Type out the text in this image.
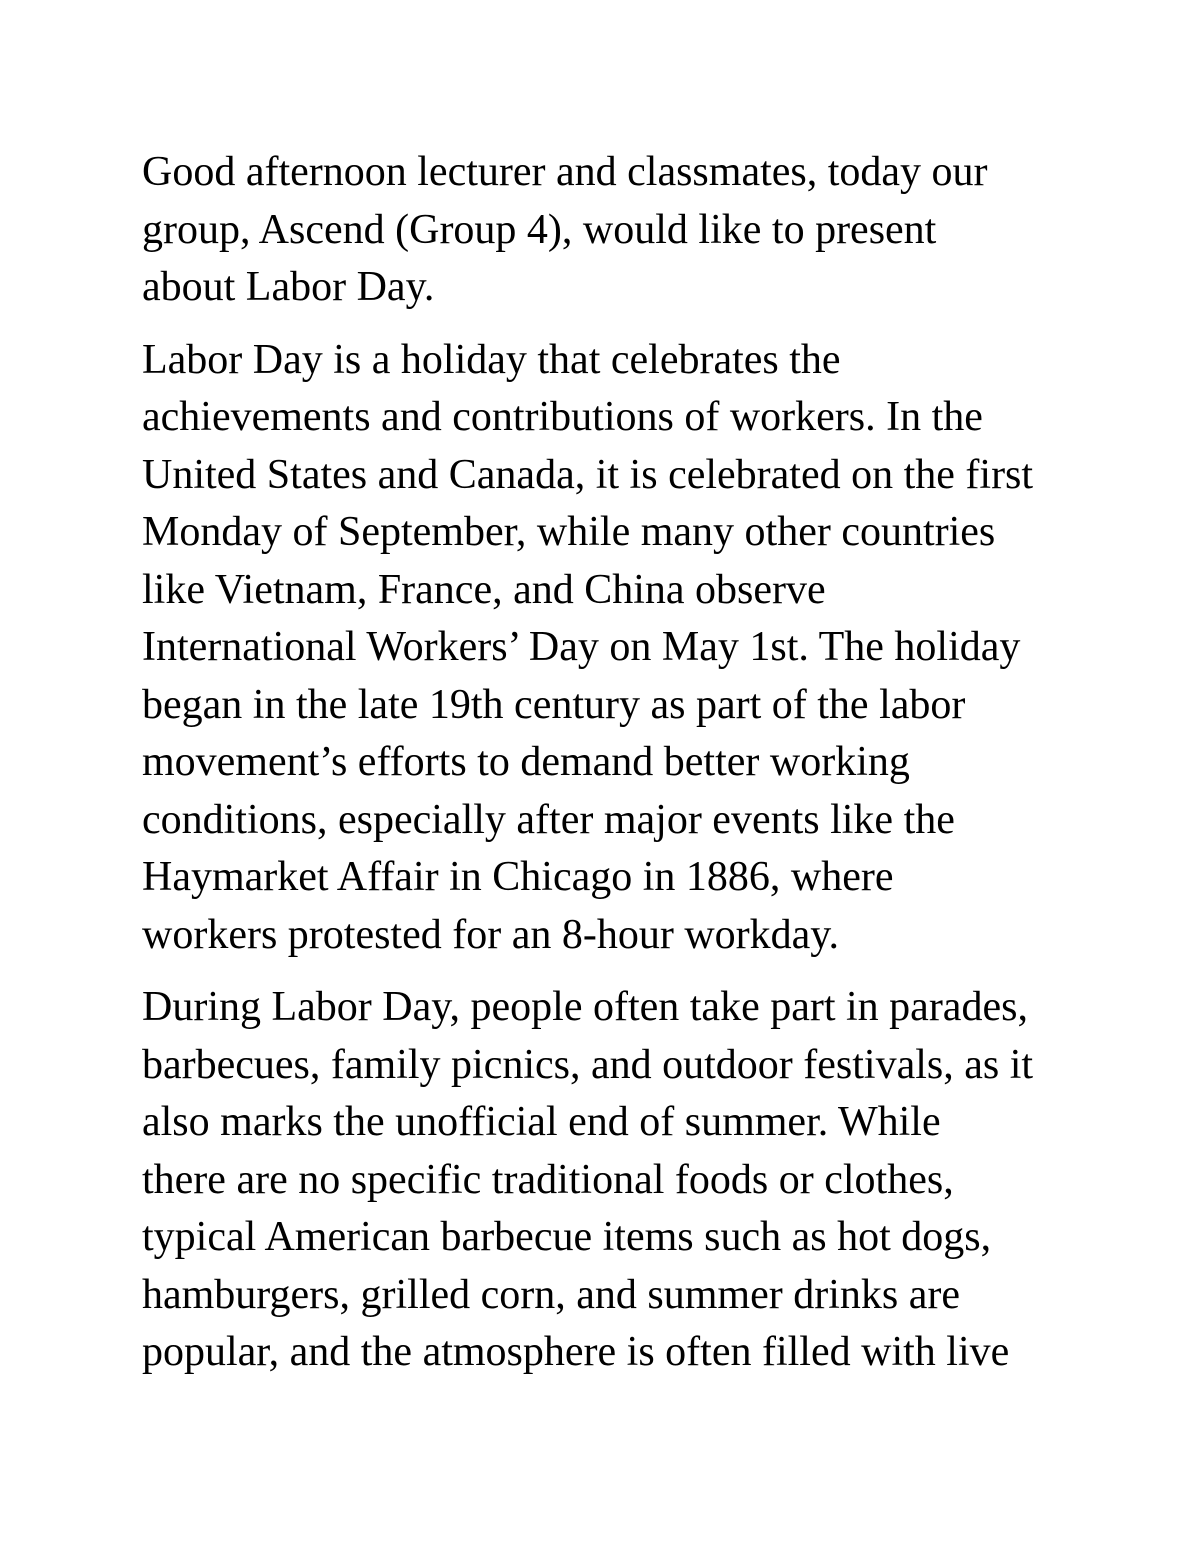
Good afternoon lecturer and classmates, today our
group, Ascend (Group 4), would like to present
about Labor Day.

Labor Day is a holiday that celebrates the
achievements and contributions of workers. In the
United States and Canada, it is celebrated on the first
Monday of September, while many other countries
like Vietnam, France, and China observe
International Workers’ Day on May 1st. The holiday
began in the late 19th century as part of the labor
movement’s efforts to demand better working
conditions, especially after major events like the
Haymarket Affair in Chicago in 1886, where
workers protested for an 8-hour workday.

During Labor Day, people often take part in parades,
barbecues, family picnics, and outdoor festivals, as it
also marks the unofficial end of summer. While
there are no specific traditional foods or clothes,
typical American barbecue items such as hot dogs,
hamburgers, grilled corn, and summer drinks are
popular, and the atmosphere is often filled with live
